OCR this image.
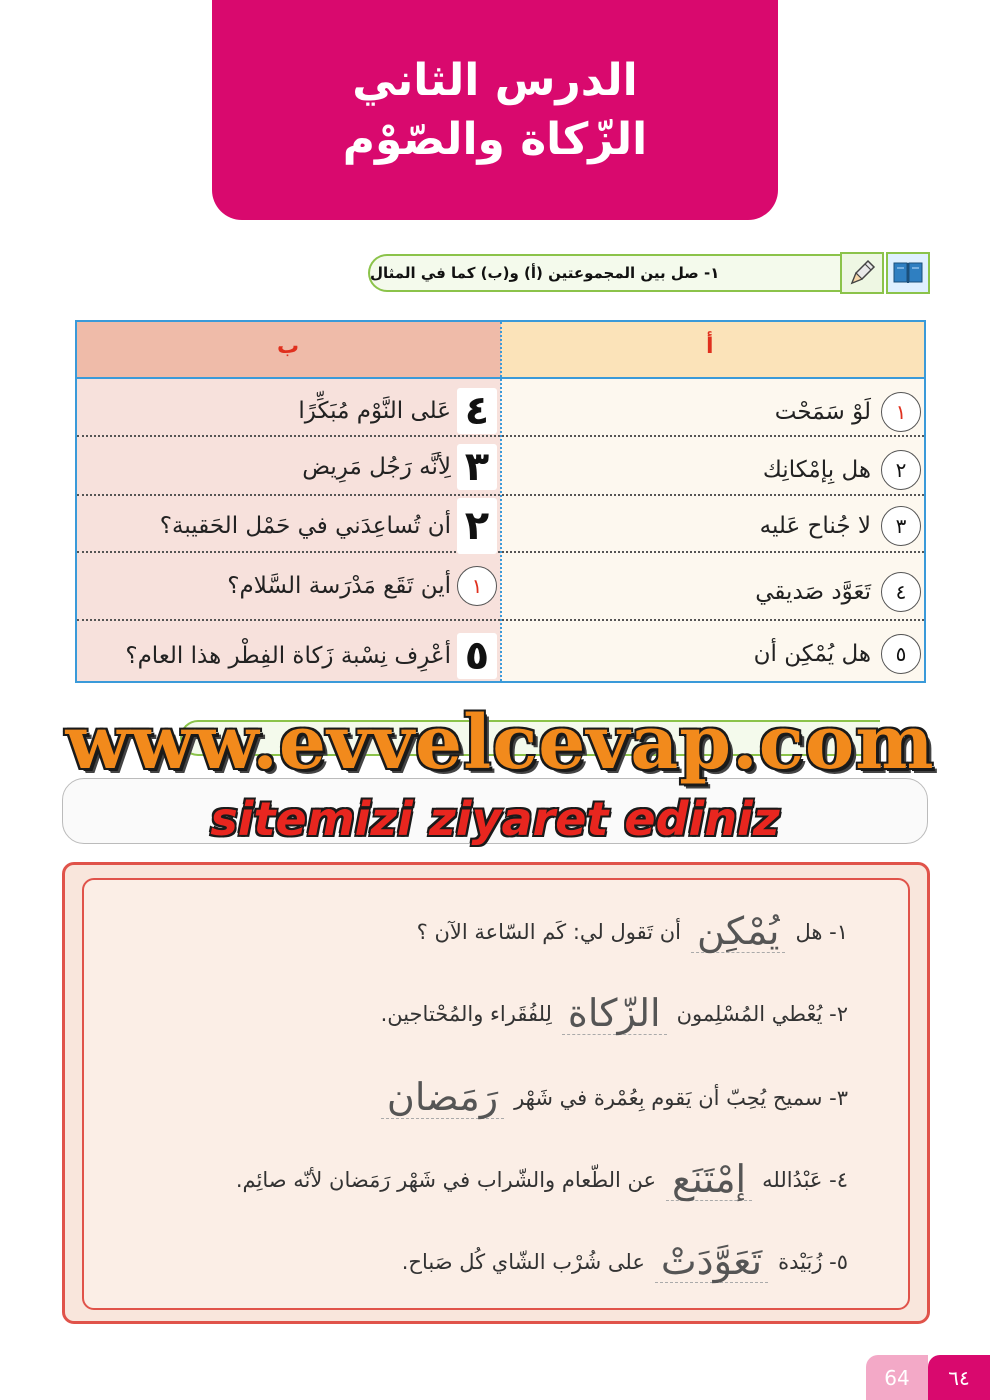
الدرس الثاني
الزّكاة والصّوْم
١- صل بين المجموعتين (أ) و(ب) كما في المثال
ب	أ
١
لَوْ سَمَحْت
٤
عَلى النَّوْم مُبَكِّرًا
٢
هل بِإمْكانِك
٣
لِأنَّه رَجُل مَرِيض
٣
لا جُناح عَليه
٢
أن تُساعِدَني في حَمْل الحَقيبة؟
٤
تَعَوَّد صَديقي
١
أين تَقَع مَدْرَسة السَّلام؟
٥
هل يُمْكِن أن
٥
أعْرِف نِسْبة زَكاة الفِطْر هذا العام؟
www.evvelcevap.com
sitemizi ziyaret ediniz
١- هل
يُمْكِن
أن تَقول لي: كَم السّاعة الآن ؟
٢- يُعْطي المُسْلِمون
الزّكاة
لِلفُقَراء والمُحْتاجين.
٣- سميح يُحِبّ أن يَقوم بِعُمْرة في شَهْر
رَمَضان
٤- عَبْدُالله
إمْتَنَع
عن الطّعام والشّراب في شَهْر رَمَضان لأنّه صائِم.
٥- زُبَيْدة
تَعَوَّدَتْ
على شُرْب الشّاي كُل صَباح.
64	٦٤
